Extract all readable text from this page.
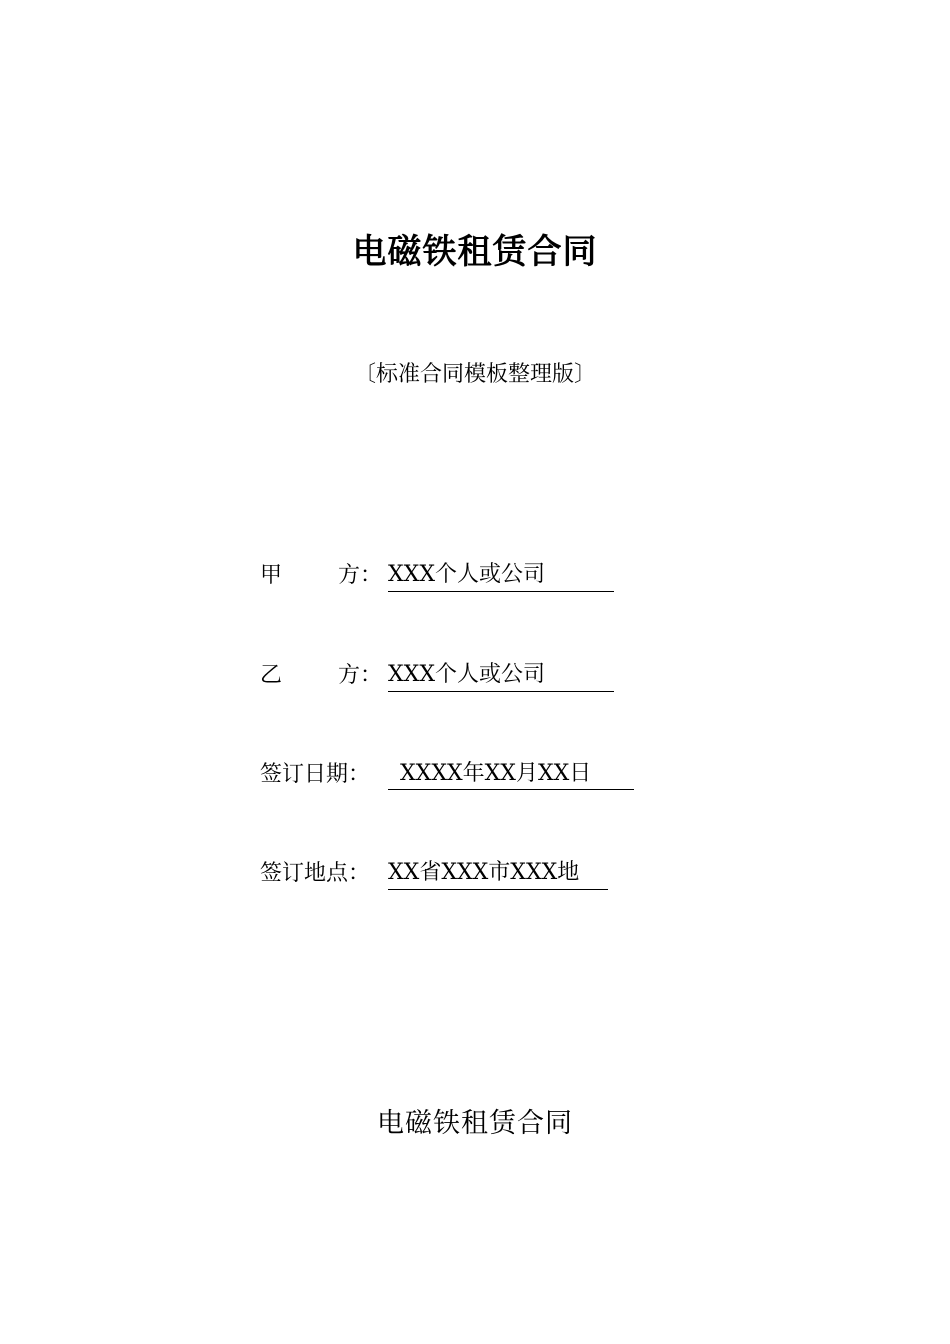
电磁铁租赁合同
〔标准合同模板整理版〕
甲	方： XXX个人或公司
乙	方： XXX个人或公司
签订日期： XXXX年XX月XX日
签订地点： XX省XXX市XXX地
电磁铁租赁合同
